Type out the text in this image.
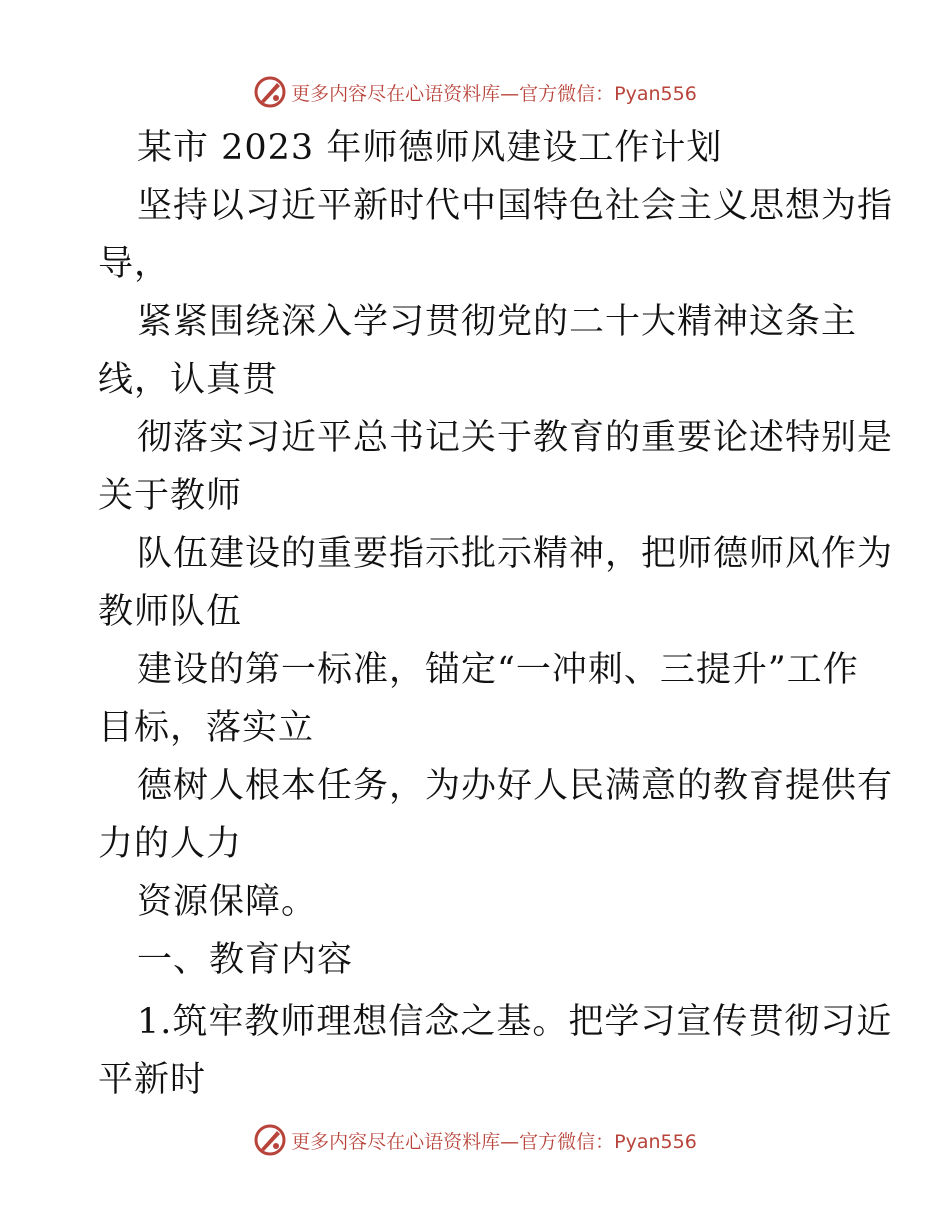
更多内容尽在心语资料库—官方微信：Pyan556
某市 2023 年师德师风建设工作计划
坚持以习近平新时代中国特色社会主义思想为指
导，
紧紧围绕深入学习贯彻党的二十大精神这条主
线，认真贯
彻落实习近平总书记关于教育的重要论述特别是
关于教师
队伍建设的重要指示批示精神，把师德师风作为
教师队伍
建设的第一标准，锚定“一冲刺、三提升”工作
目标，落实立
德树人根本任务，为办好人民满意的教育提供有
力的人力
资源保障。
一、教育内容
1.筑牢教师理想信念之基。把学习宣传贯彻习近
平新时
更多内容尽在心语资料库—官方微信：Pyan556
